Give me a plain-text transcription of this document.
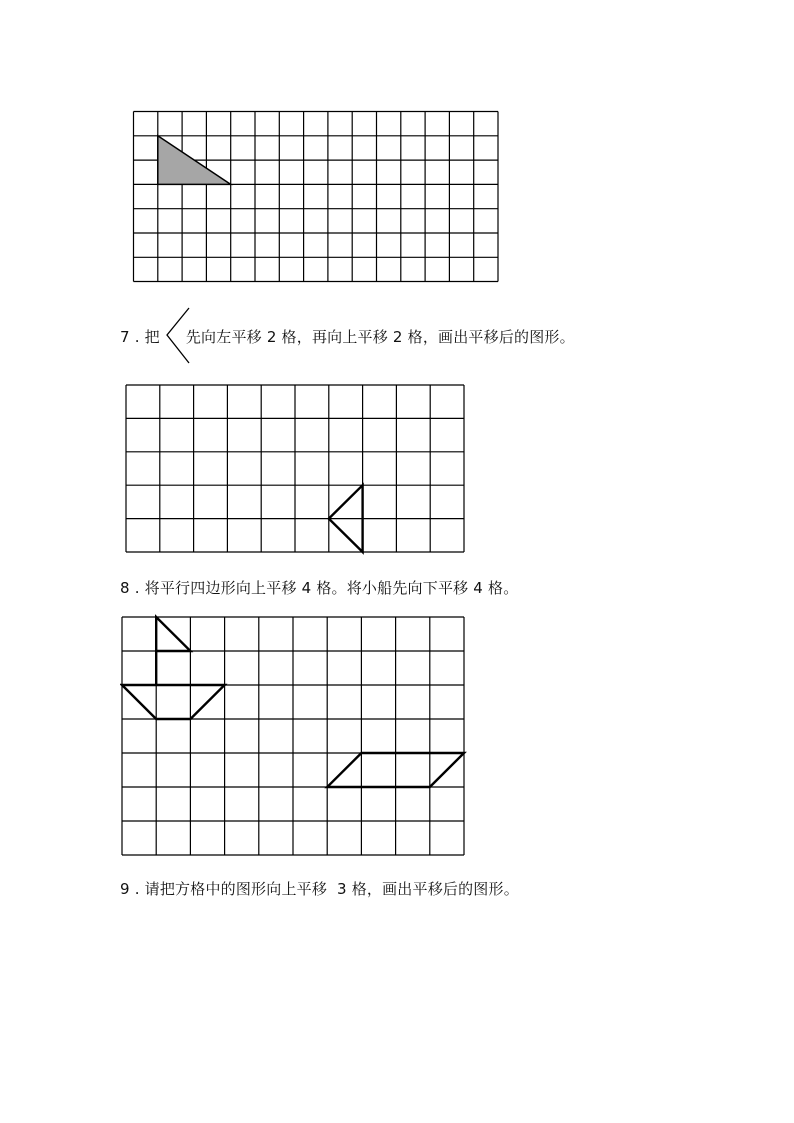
7 . 把 先向左平移 2 格，再向上平移 2 格，画出平移后的图形。
8 . 将平行四边形向上平移 4 格。将小船先向下平移 4 格。
9 . 请把方格中的图形向上平移  3 格，画出平移后的图形。
